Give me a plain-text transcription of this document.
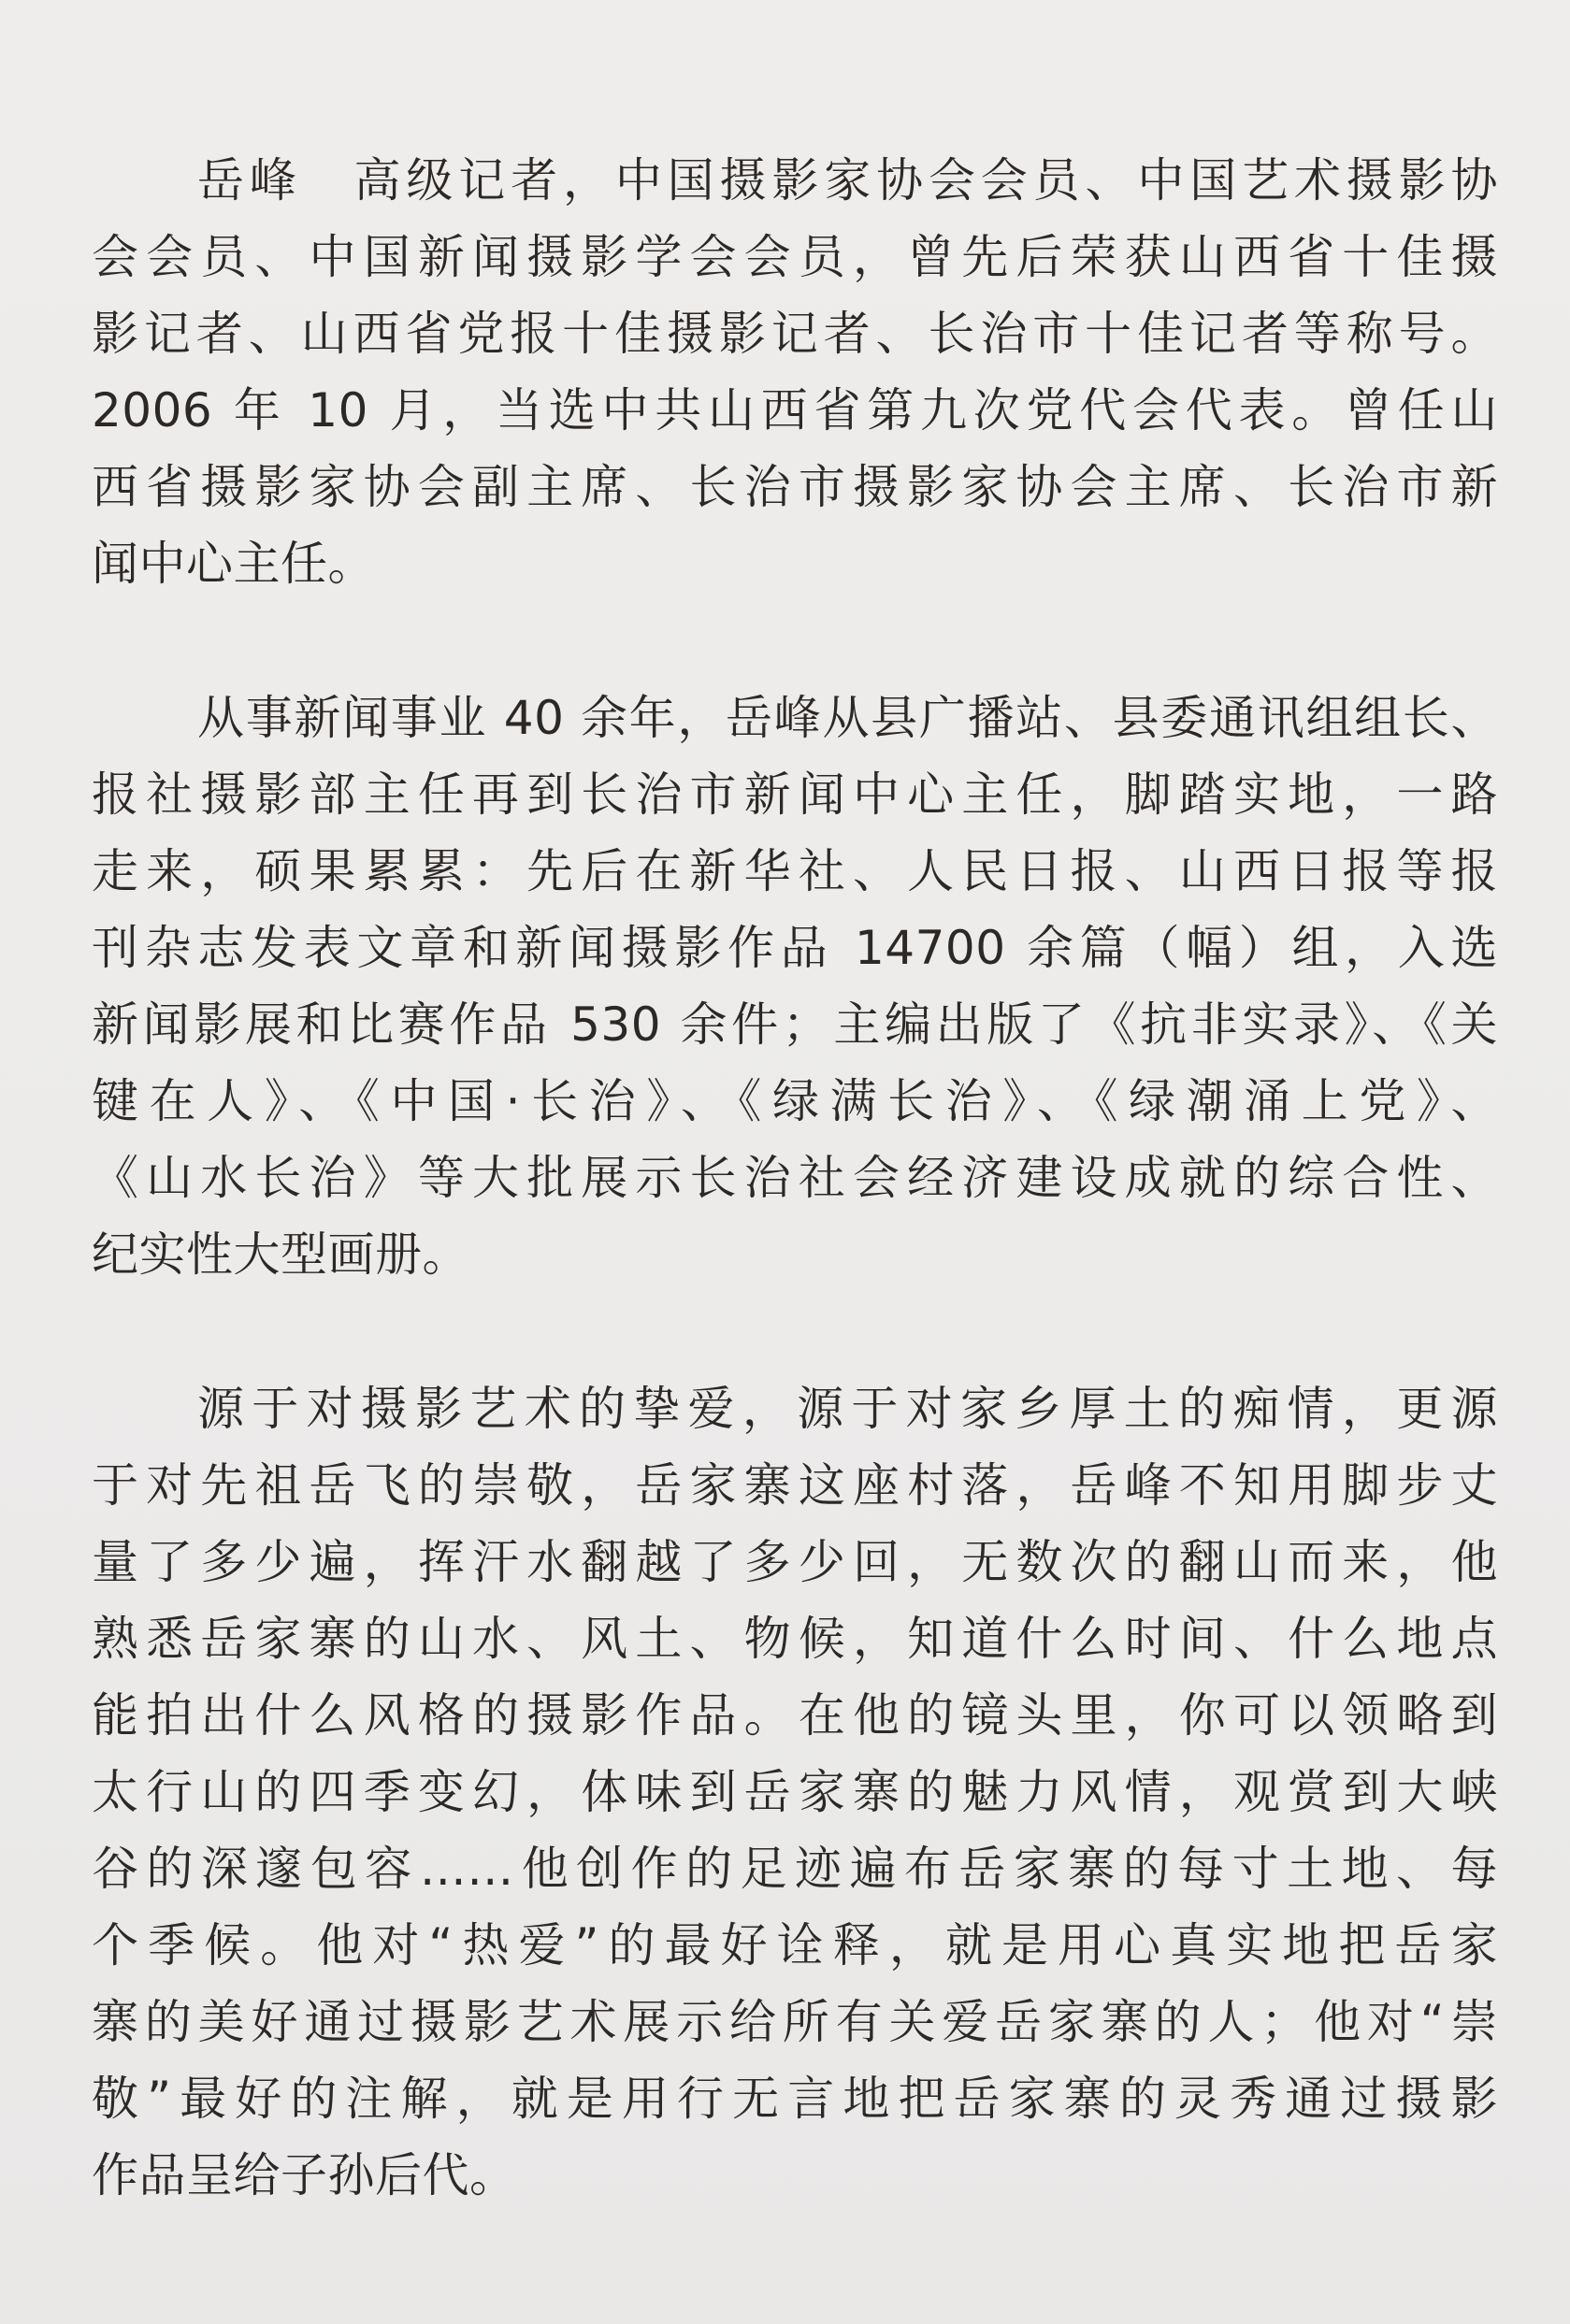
岳峰　高级记者，中国摄影家协会会员、中国艺术摄影协
会会员、中国新闻摄影学会会员，曾先后荣获山西省十佳摄
影记者、山西省党报十佳摄影记者、长治市十佳记者等称号。
2006 年 10 月，当选中共山西省第九次党代会代表。曾任山
西省摄影家协会副主席、长治市摄影家协会主席、长治市新
闻中心主任。
从事新闻事业 40 余年，岳峰从县广播站、县委通讯组组长、
报社摄影部主任再到长治市新闻中心主任，脚踏实地，一路
走来，硕果累累：先后在新华社、人民日报、山西日报等报
刊杂志发表文章和新闻摄影作品 14700 余篇（幅）组，入选
新闻影展和比赛作品 530 余件；主编出版了《抗非实录》、《关
键在人》、《中国·长治》、《绿满长治》、《绿潮涌上党》、
《山水长治》等大批展示长治社会经济建设成就的综合性、
纪实性大型画册。
源于对摄影艺术的挚爱，源于对家乡厚土的痴情，更源
于对先祖岳飞的崇敬，岳家寨这座村落，岳峰不知用脚步丈
量了多少遍，挥汗水翻越了多少回，无数次的翻山而来，他
熟悉岳家寨的山水、风土、物候，知道什么时间、什么地点
能拍出什么风格的摄影作品。在他的镜头里，你可以领略到
太行山的四季变幻，体味到岳家寨的魅力风情，观赏到大峡
谷的深邃包容……他创作的足迹遍布岳家寨的每寸土地、每
个季候。他对“热爱”的最好诠释，就是用心真实地把岳家
寨的美好通过摄影艺术展示给所有关爱岳家寨的人；他对“崇
敬”最好的注解，就是用行无言地把岳家寨的灵秀通过摄影
作品呈给子孙后代。
